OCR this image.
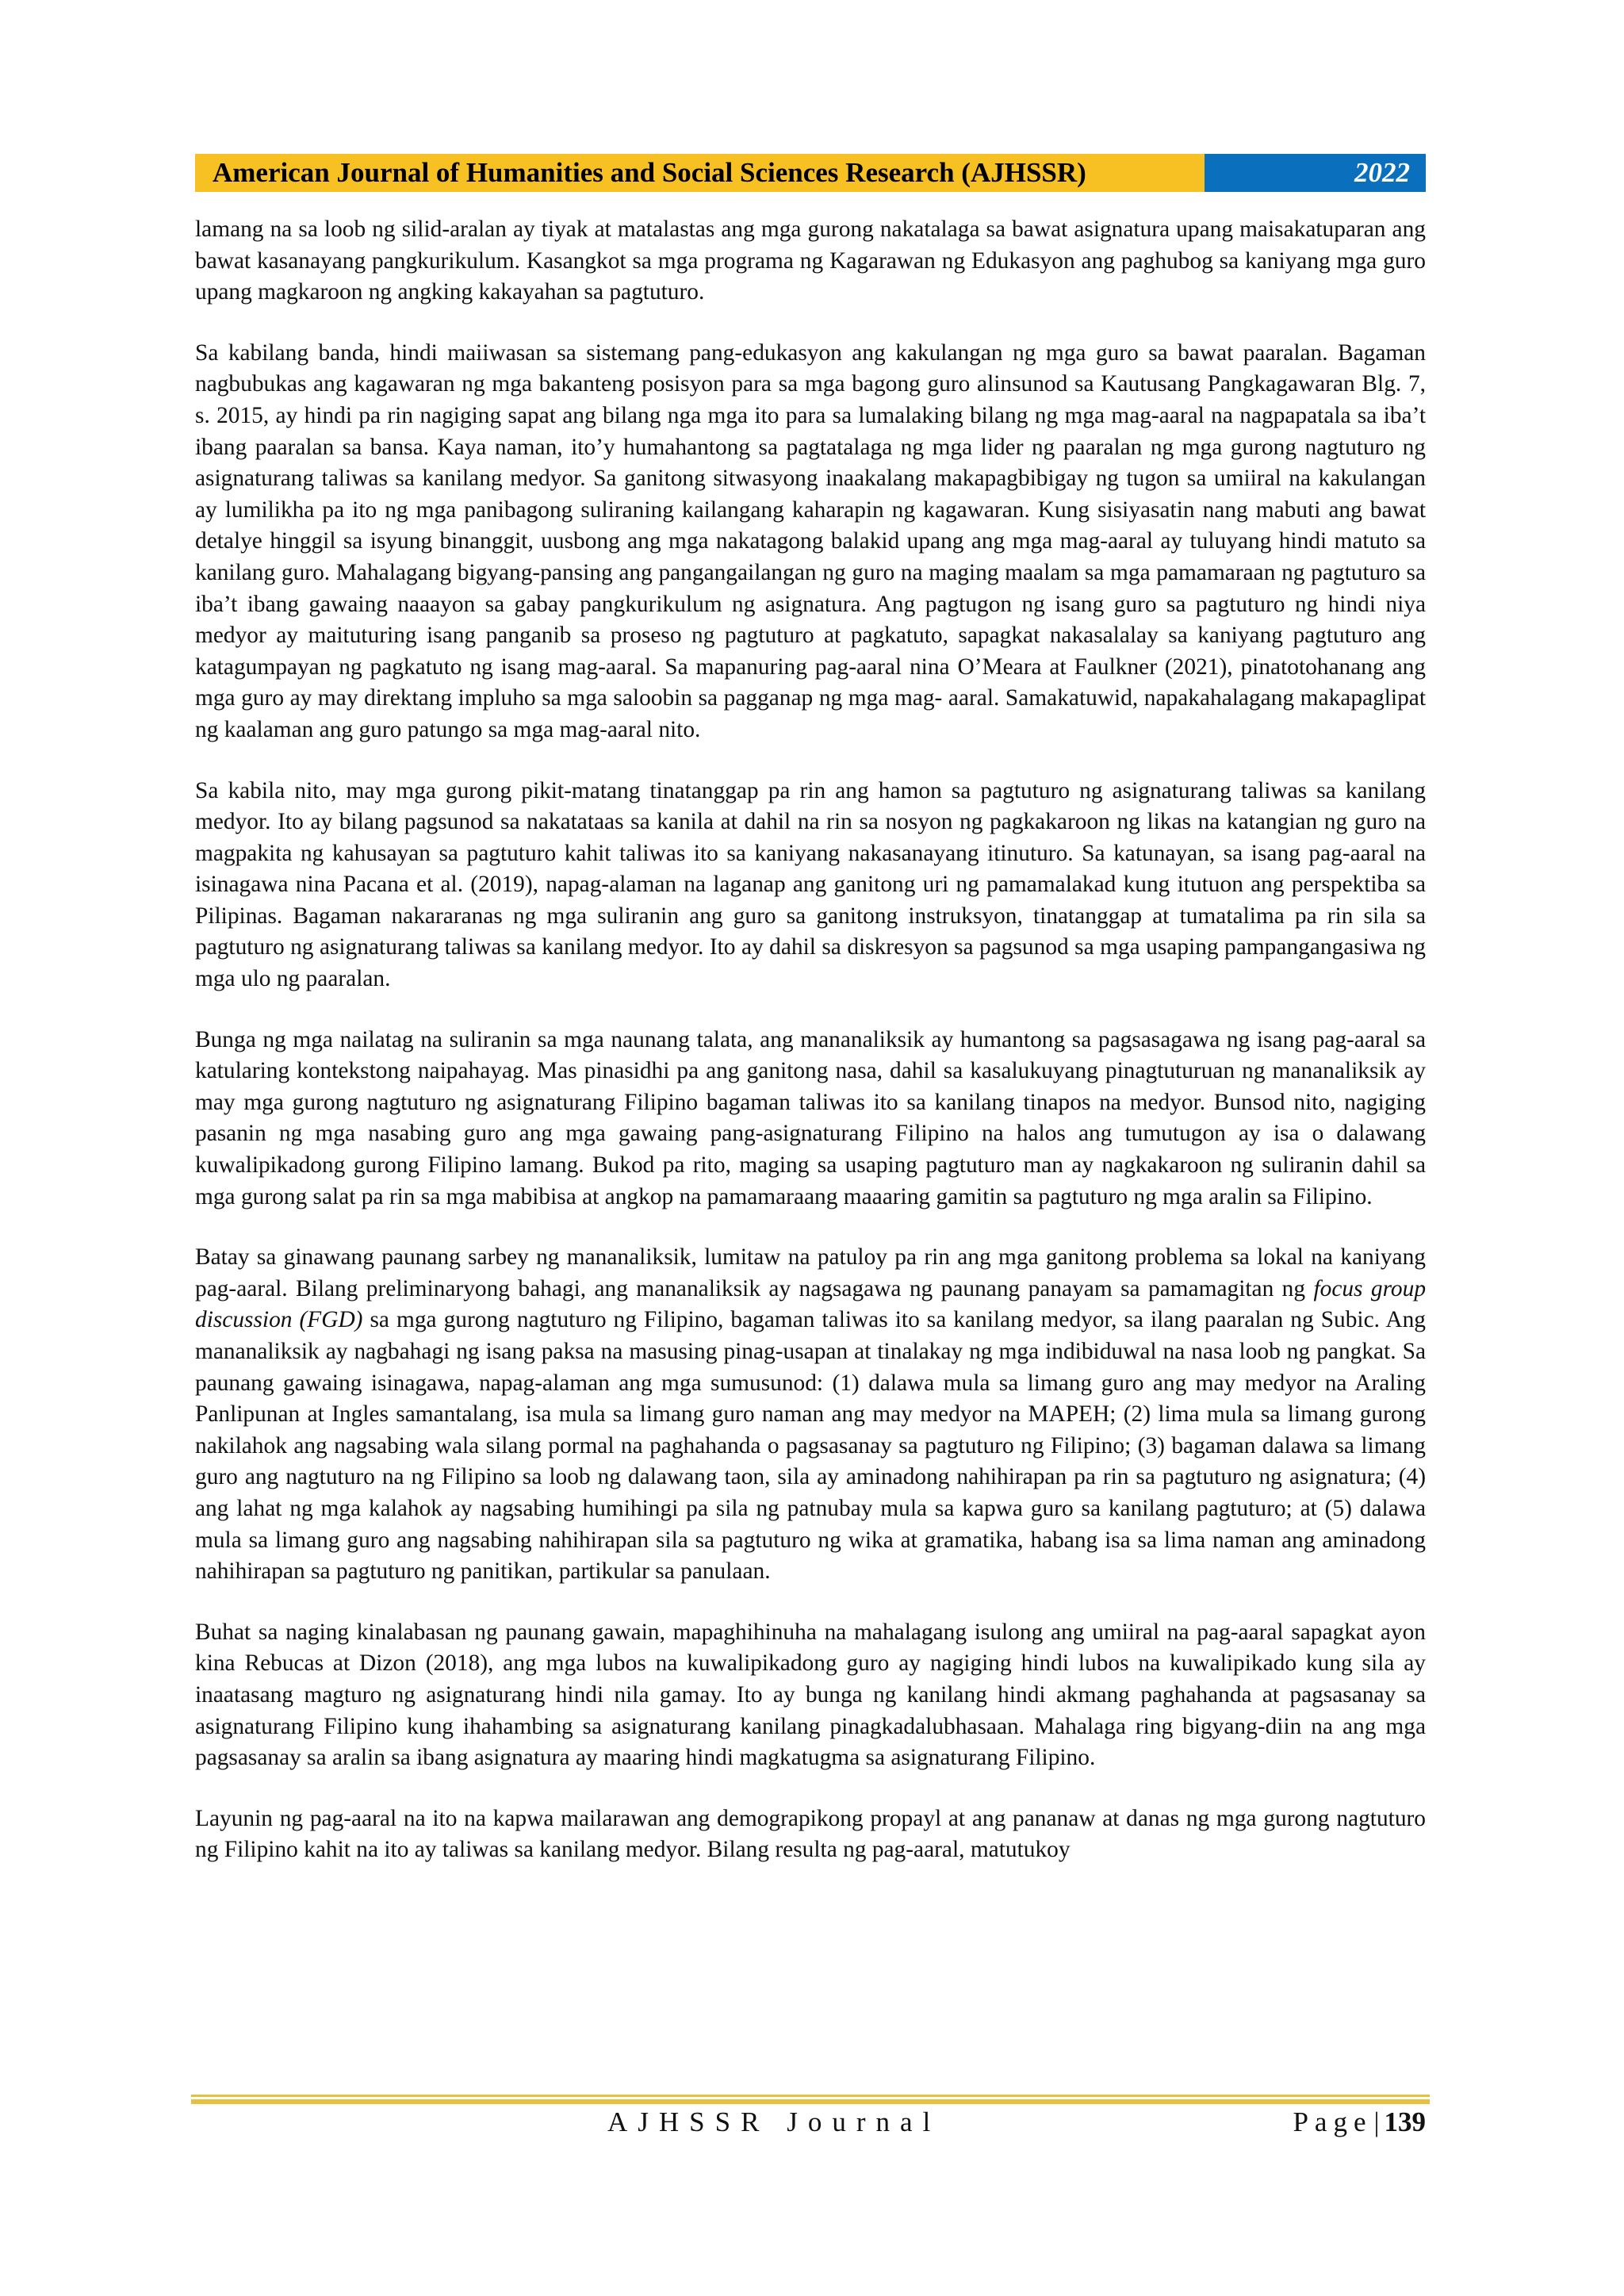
American Journal of Humanities and Social Sciences Research (AJHSSR)	2022

lamang na sa loob ng silid-aralan ay tiyak at matalastas ang mga gurong nakatalaga sa bawat asignatura upang maisakatuparan ang bawat kasanayang pangkurikulum. Kasangkot sa mga programa ng Kagarawan ng Edukasyon ang paghubog sa kaniyang mga guro upang magkaroon ng angking kakayahan sa pagtuturo.

Sa kabilang banda, hindi maiiwasan sa sistemang pang-edukasyon ang kakulangan ng mga guro sa bawat paaralan. Bagaman nagbubukas ang kagawaran ng mga bakanteng posisyon para sa mga bagong guro alinsunod sa Kautusang Pangkagawaran Blg. 7, s. 2015, ay hindi pa rin nagiging sapat ang bilang nga mga ito para sa lumalaking bilang ng mga mag-aaral na nagpapatala sa iba’t ibang paaralan sa bansa. Kaya naman, ito’y humahantong sa pagtatalaga ng mga lider ng paaralan ng mga gurong nagtuturo ng asignaturang taliwas sa kanilang medyor. Sa ganitong sitwasyong inaakalang makapagbibigay ng tugon sa umiiral na kakulangan ay lumilikha pa ito ng mga panibagong suliraning kailangang kaharapin ng kagawaran. Kung sisiyasatin nang mabuti ang bawat detalye hinggil sa isyung binanggit, uusbong ang mga nakatagong balakid upang ang mga mag-aaral ay tuluyang hindi matuto sa kanilang guro. Mahalagang bigyang-pansing ang pangangailangan ng guro na maging maalam sa mga pamamaraan ng pagtuturo sa iba’t ibang gawaing naaayon sa gabay pangkurikulum ng asignatura. Ang pagtugon ng isang guro sa pagtuturo ng hindi niya medyor ay maituturing isang panganib sa proseso ng pagtuturo at pagkatuto, sapagkat nakasalalay sa kaniyang pagtuturo ang katagumpayan ng pagkatuto ng isang mag-aaral. Sa mapanuring pag-aaral nina O’Meara at Faulkner (2021), pinatotohanang ang mga guro ay may direktang impluho sa mga saloobin sa pagganap ng mga mag- aaral. Samakatuwid, napakahalagang makapaglipat ng kaalaman ang guro patungo sa mga mag-aaral nito.

Sa kabila nito, may mga gurong pikit-matang tinatanggap pa rin ang hamon sa pagtuturo ng asignaturang taliwas sa kanilang medyor. Ito ay bilang pagsunod sa nakatataas sa kanila at dahil na rin sa nosyon ng pagkakaroon ng likas na katangian ng guro na magpakita ng kahusayan sa pagtuturo kahit taliwas ito sa kaniyang nakasanayang itinuturo. Sa katunayan, sa isang pag-aaral na isinagawa nina Pacana et al. (2019), napag-alaman na laganap ang ganitong uri ng pamamalakad kung itutuon ang perspektiba sa Pilipinas. Bagaman nakararanas ng mga suliranin ang guro sa ganitong instruksyon, tinatanggap at tumatalima pa rin sila sa pagtuturo ng asignaturang taliwas sa kanilang medyor. Ito ay dahil sa diskresyon sa pagsunod sa mga usaping pampangangasiwa ng mga ulo ng paaralan.

Bunga ng mga nailatag na suliranin sa mga naunang talata, ang mananaliksik ay humantong sa pagsasagawa ng isang pag-aaral sa katularing kontekstong naipahayag. Mas pinasidhi pa ang ganitong nasa, dahil sa kasalukuyang pinagtuturuan ng mananaliksik ay may mga gurong nagtuturo ng asignaturang Filipino bagaman taliwas ito sa kanilang tinapos na medyor. Bunsod nito, nagiging pasanin ng mga nasabing guro ang mga gawaing pang-asignaturang Filipino na halos ang tumutugon ay isa o dalawang kuwalipikadong gurong Filipino lamang. Bukod pa rito, maging sa usaping pagtuturo man ay nagkakaroon ng suliranin dahil sa mga gurong salat pa rin sa mga mabibisa at angkop na pamamaraang maaaring gamitin sa pagtuturo ng mga aralin sa Filipino.

Batay sa ginawang paunang sarbey ng mananaliksik, lumitaw na patuloy pa rin ang mga ganitong problema sa lokal na kaniyang pag-aaral. Bilang preliminaryong bahagi, ang mananaliksik ay nagsagawa ng paunang panayam sa pamamagitan ng focus group discussion (FGD) sa mga gurong nagtuturo ng Filipino, bagaman taliwas ito sa kanilang medyor, sa ilang paaralan ng Subic. Ang mananaliksik ay nagbahagi ng isang paksa na masusing pinag-usapan at tinalakay ng mga indibiduwal na nasa loob ng pangkat. Sa paunang gawaing isinagawa, napag-alaman ang mga sumusunod: (1) dalawa mula sa limang guro ang may medyor na Araling Panlipunan at Ingles samantalang, isa mula sa limang guro naman ang may medyor na MAPEH; (2) lima mula sa limang gurong nakilahok ang nagsabing wala silang pormal na paghahanda o pagsasanay sa pagtuturo ng Filipino; (3) bagaman dalawa sa limang guro ang nagtuturo na ng Filipino sa loob ng dalawang taon, sila ay aminadong nahihirapan pa rin sa pagtuturo ng asignatura; (4) ang lahat ng mga kalahok ay nagsabing humihingi pa sila ng patnubay mula sa kapwa guro sa kanilang pagtuturo; at (5) dalawa mula sa limang guro ang nagsabing nahihirapan sila sa pagtuturo ng wika at gramatika, habang isa sa lima naman ang aminadong nahihirapan sa pagtuturo ng panitikan, partikular sa panulaan.

Buhat sa naging kinalabasan ng paunang gawain, mapaghihinuha na mahalagang isulong ang umiiral na pag-aaral sapagkat ayon kina Rebucas at Dizon (2018), ang mga lubos na kuwalipikadong guro ay nagiging hindi lubos na kuwalipikado kung sila ay inaatasang magturo ng asignaturang hindi nila gamay. Ito ay bunga ng kanilang hindi akmang paghahanda at pagsasanay sa asignaturang Filipino kung ihahambing sa asignaturang kanilang pinagkadalubhasaan. Mahalaga ring bigyang-diin na ang mga pagsasanay sa aralin sa ibang asignatura ay maaring hindi magkatugma sa asignaturang Filipino.

Layunin ng pag-aaral na ito na kapwa mailarawan ang demograpikong propayl at ang pananaw at danas ng mga gurong nagtuturo ng Filipino kahit na ito ay taliwas sa kanilang medyor. Bilang resulta ng pag-aaral, matutukoy

AJHSSR Journal	Page| 139
